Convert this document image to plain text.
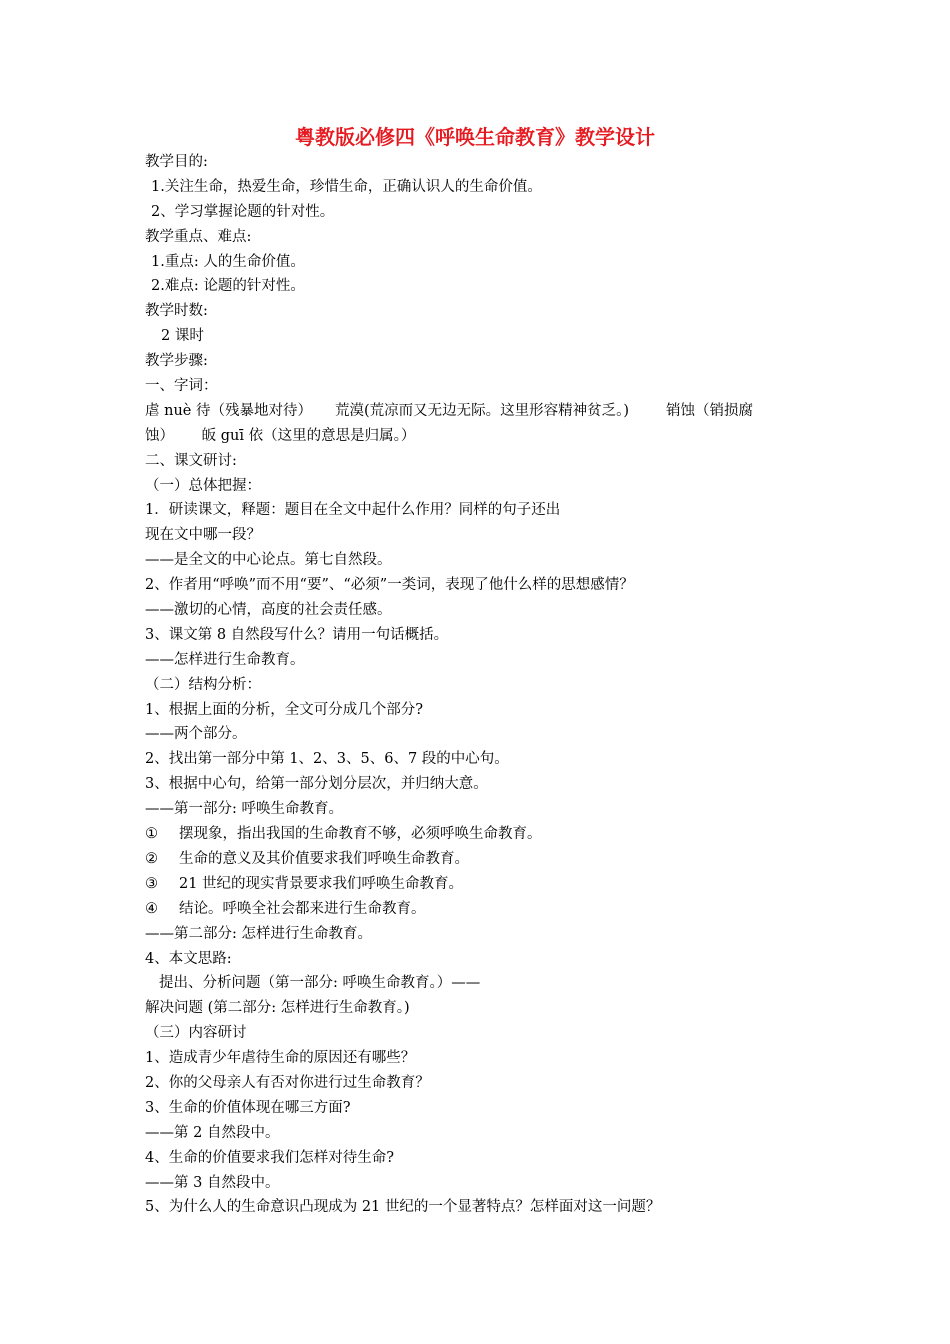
粤教版必修四《呼唤生命教育》教学设计
教学目的:
1.关注生命，热爱生命，珍惜生命，正确认识人的生命价值。
2、学习掌握论题的针对性。
教学重点、难点:
1.重点: 人的生命价值。
2.难点: 论题的针对性。
教学时数:
2 课时
教学步骤:
一、字词：
虐 nuè 待（残暴地对待）     荒漠(荒凉而又无边无际。这里形容精神贫乏。)        销蚀（销损腐
蚀）      皈 guī 依（这里的意思是归属。）
二、课文研讨:
（一）总体把握：
1．研读课文，释题：题目在全文中起什么作用？同样的句子还出
现在文中哪一段？
——是全文的中心论点。第七自然段。
2、作者用“呼唤”而不用“要”、“必须”一类词，表现了他什么样的思想感情？
——激切的心情，高度的社会责任感。
3、课文第 8 自然段写什么？请用一句话概括。
——怎样进行生命教育。
（二）结构分析：
1、根据上面的分析，全文可分成几个部分?
——两个部分。
2、找出第一部分中第 1、2、3、5、6、7 段的中心句。
3、根据中心句，给第一部分划分层次，并归纳大意。
——第一部分: 呼唤生命教育。
① 摆现象，指出我国的生命教育不够，必须呼唤生命教育。
② 生命的意义及其价值要求我们呼唤生命教育。
③ 21 世纪的现实背景要求我们呼唤生命教育。
④ 结论。呼唤全社会都来进行生命教育。
——第二部分: 怎样进行生命教育。
4、本文思路:
提出、分析问题（第一部分: 呼唤生命教育。）——
解决问题 (第二部分: 怎样进行生命教育。)
（三）内容研讨
1、造成青少年虐待生命的原因还有哪些？
2、你的父母亲人有否对你进行过生命教育？
3、生命的价值体现在哪三方面?
——第 2 自然段中。
4、生命的价值要求我们怎样对待生命?
——第 3 自然段中。
5、为什么人的生命意识凸现成为 21 世纪的一个显著特点？怎样面对这一问题？
